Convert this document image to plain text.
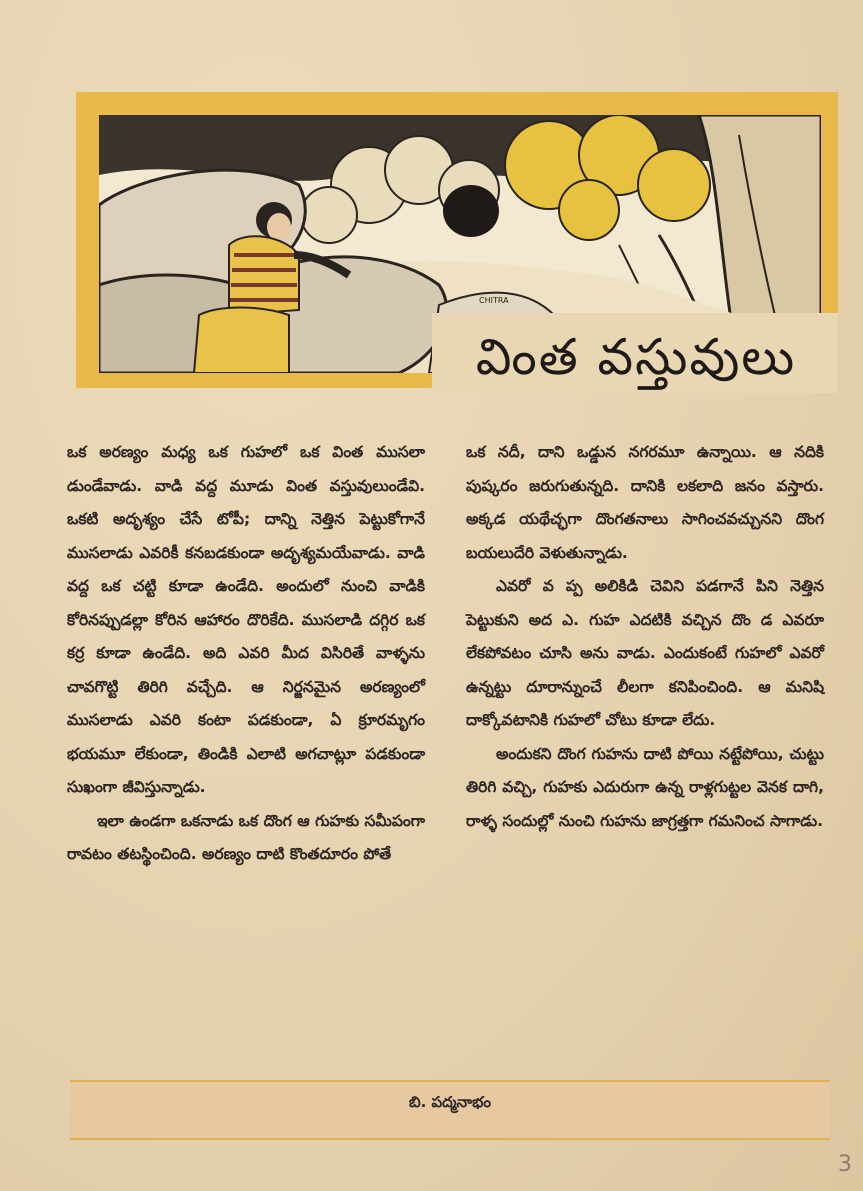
CHITRA
వింత వస్తువులు

ఒక అరణ్యం మధ్య ఒక గుహలో ఒక వింత ముసలా డుండేవాడు. వాడి వద్ద మూడు వింత వస్తువులుండేవి. ఒకటి అదృశ్యం చేసే టోపీ; దాన్ని నెత్తిన పెట్టుకోగానే ముసలాడు ఎవరికీ కనబడకుండా అదృశ్యమయేవాడు. వాడి వద్ద ఒక చట్టి కూడా ఉండేది. అందులో నుంచి వాడికి కోరినప్పుడల్లా కోరిన ఆహారం దొరికేది. ముసలాడి దగ్గిర ఒక కర్ర కూడా ఉండేది. అది ఎవరి మీద విసిరితే వాళ్ళను చావగొట్టి తిరిగి వచ్చేది. ఆ నిర్జనమైన అరణ్యంలో ముసలాడు ఎవరి కంటా పడకుండా, ఏ క్రూరమృగం భయమూ లేకుండా, తిండికి ఎలాటి అగచాట్లూ పడకుండా సుఖంగా జీవిస్తున్నాడు.

ఇలా ఉండగా ఒకనాడు ఒక దొంగ ఆ గుహకు సమీపంగా రావటం తటస్థించింది. అరణ్యం దాటి కొంతదూరం పోతే

ఒక నదీ, దాని ఒడ్డున నగరమూ ఉన్నాయి. ఆ నదికి పుష్కరం జరుగుతున్నది. దానికి లకలాది జనం వస్తారు. అక్కడ యథేచ్ఛగా దొంగతనాలు సాగించవచ్చునని దొంగ బయలుదేరి వెళుతున్నాడు.

ఎవరో వ ప్ప అలికిడి చెవిని పడగానే పిని నెత్తిన పెట్టుకుని అద ఎ. గుహ ఎదటికి వచ్చిన దొం డ ఎవరూ లేకపోవటం చూసి అను వాడు. ఎందుకంటే గుహలో ఎవరో ఉన్నట్టు దూరాన్నుంచే లీలగా కనిపించింది. ఆ మనిషి దాక్కోవటానికి గుహలో చోటు కూడా లేదు.

అందుకని దొంగ గుహను దాటి పోయి నట్టేపోయి, చుట్టు తిరిగి వచ్చి, గుహకు ఎదురుగా ఉన్న రాళ్లగుట్టల వెనక దాగి, రాళ్ళ సందుల్లో నుంచి గుహను జాగ్రత్తగా గమనించ సాగాడు.

బి. పద్మనాభం
3
